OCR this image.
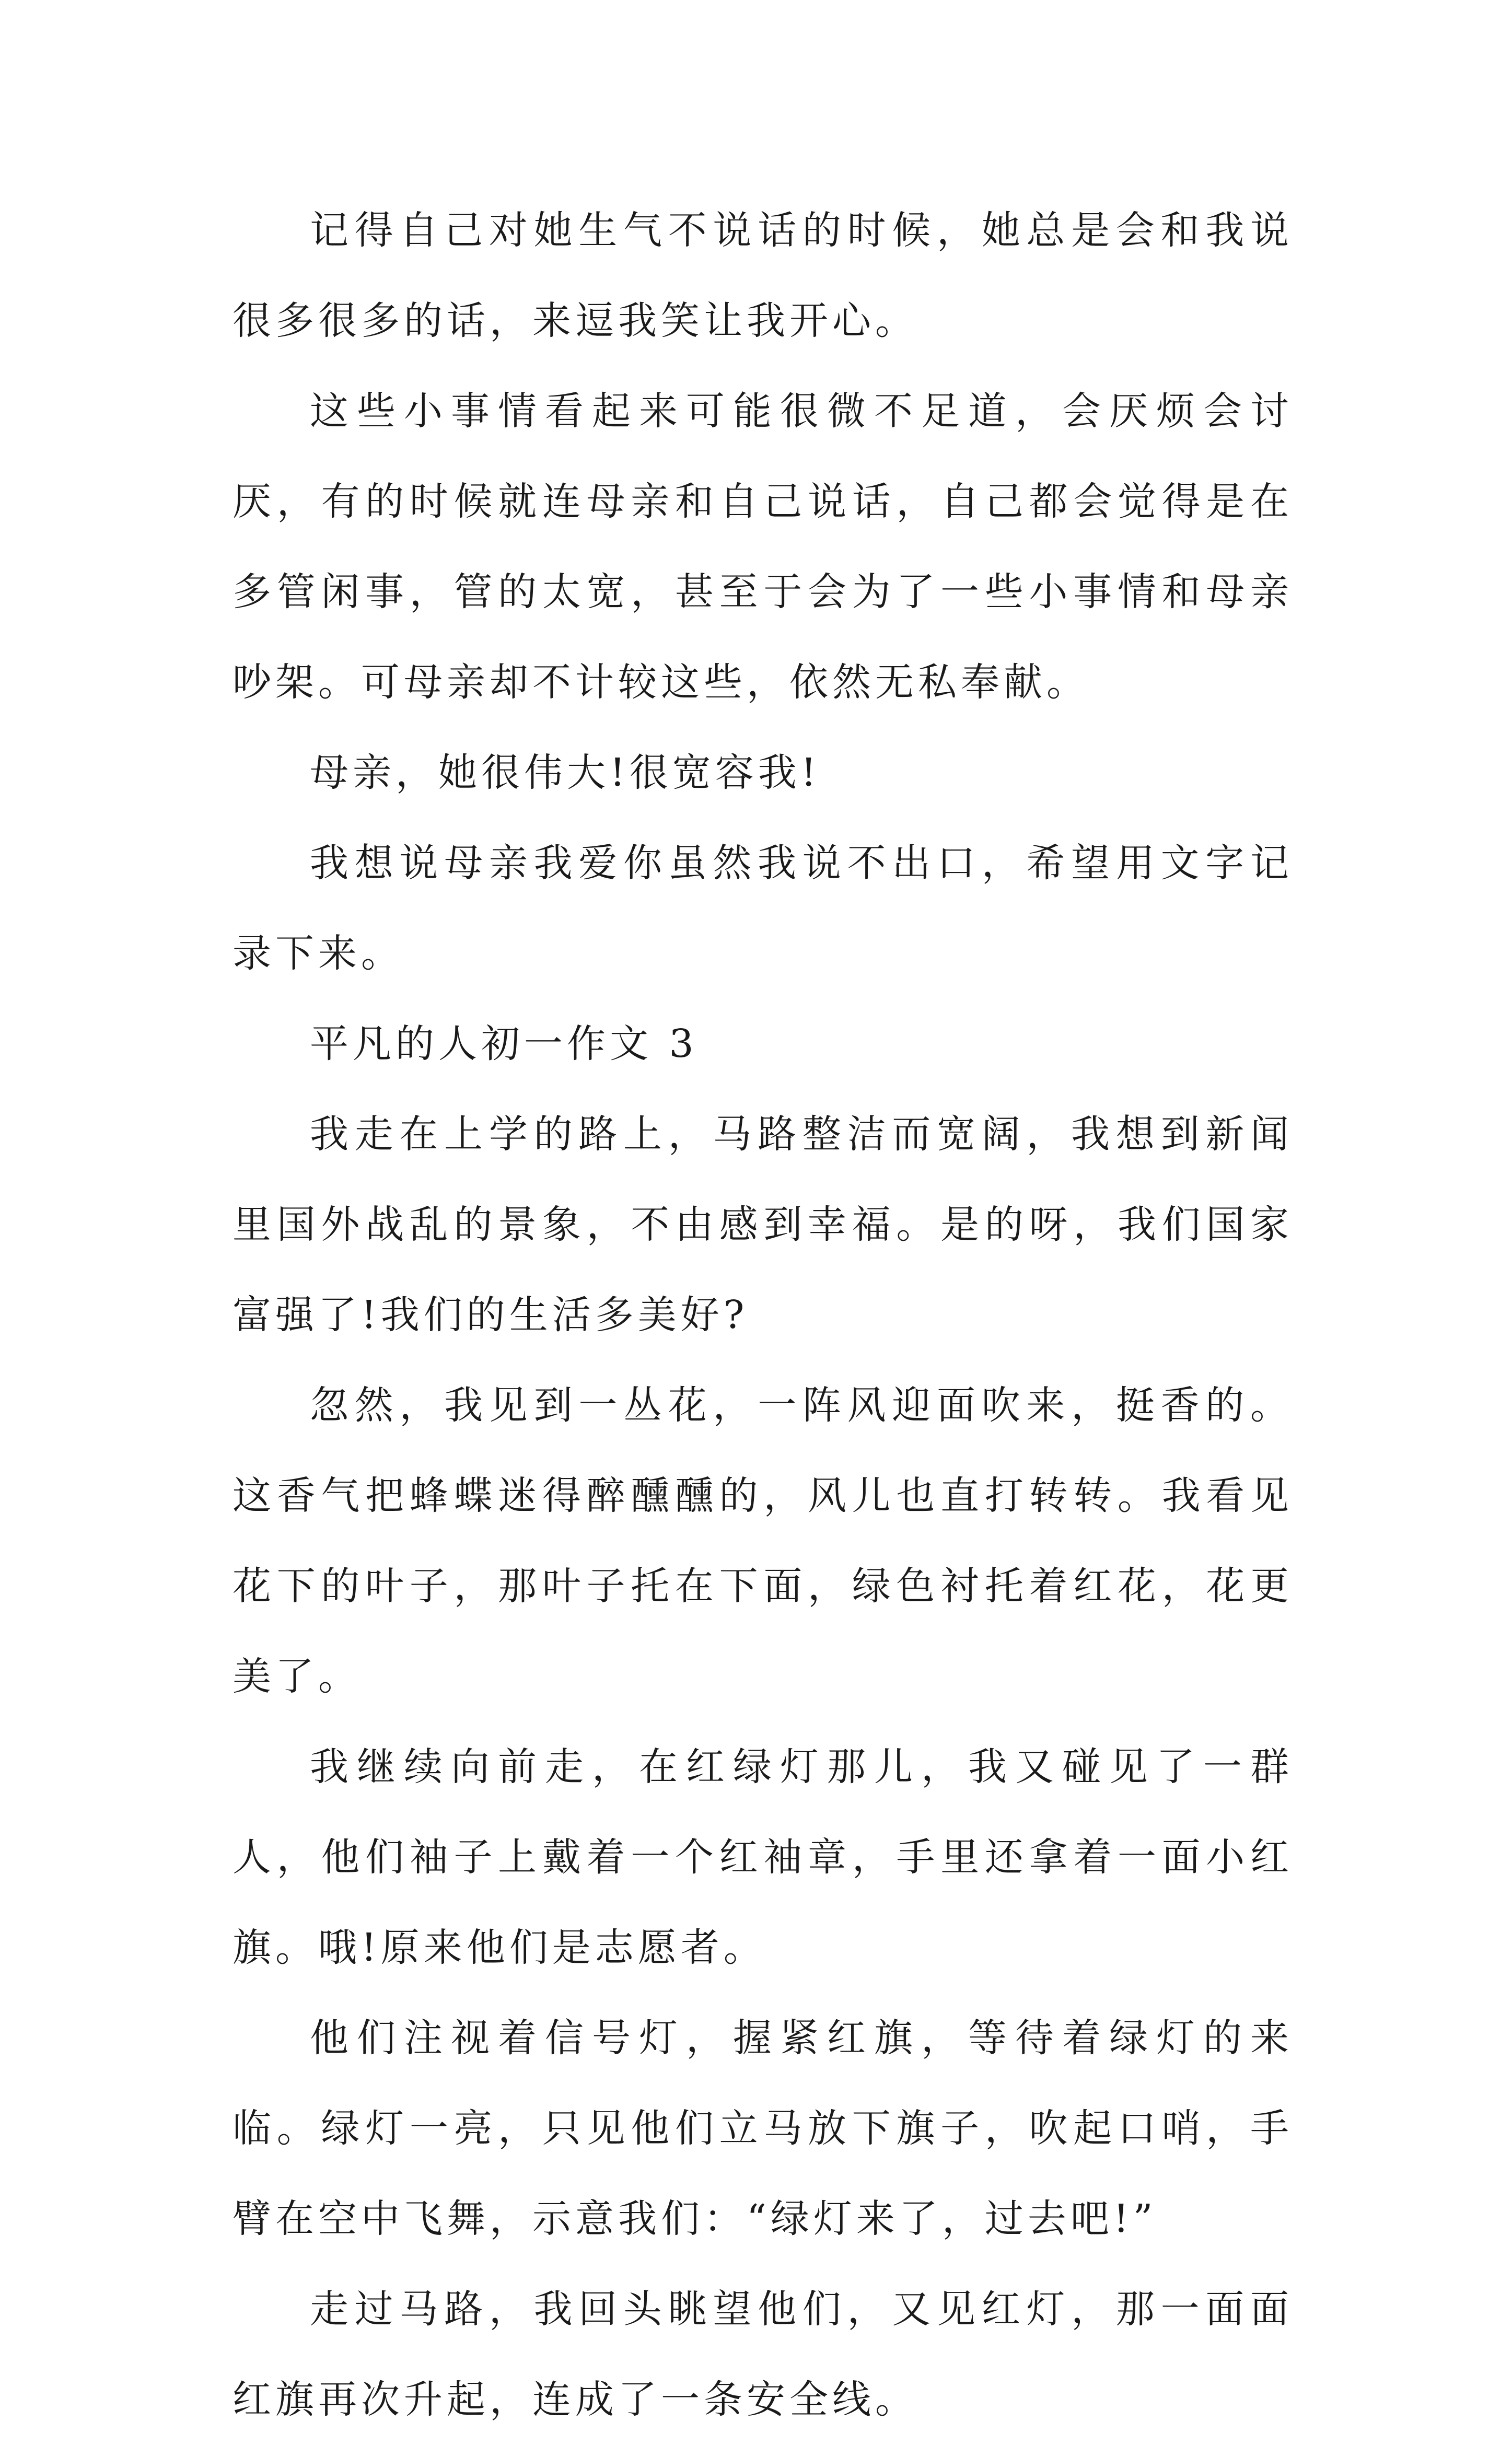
记得自己对她生气不说话的时候，她总是会和我说很多很多的话，来逗我笑让我开心。

这些小事情看起来可能很微不足道，会厌烦会讨厌，有的时候就连母亲和自己说话，自己都会觉得是在多管闲事，管的太宽，甚至于会为了一些小事情和母亲吵架。可母亲却不计较这些，依然无私奉献。

母亲，她很伟大!很宽容我!

我想说母亲我爱你虽然我说不出口，希望用文字记录下来。

平凡的人初一作文 3

我走在上学的路上，马路整洁而宽阔，我想到新闻里国外战乱的景象，不由感到幸福。是的呀，我们国家富强了!我们的生活多美好?

忽然，我见到一丛花，一阵风迎面吹来，挺香的。这香气把蜂蝶迷得醉醺醺的，风儿也直打转转。我看见花下的叶子，那叶子托在下面，绿色衬托着红花，花更美了。

我继续向前走，在红绿灯那儿，我又碰见了一群人，他们袖子上戴着一个红袖章，手里还拿着一面小红旗。哦!原来他们是志愿者。

他们注视着信号灯，握紧红旗，等待着绿灯的来临。绿灯一亮，只见他们立马放下旗子，吹起口哨，手臂在空中飞舞，示意我们：“绿灯来了，过去吧!”

走过马路，我回头眺望他们，又见红灯，那一面面红旗再次升起，连成了一条安全线。
